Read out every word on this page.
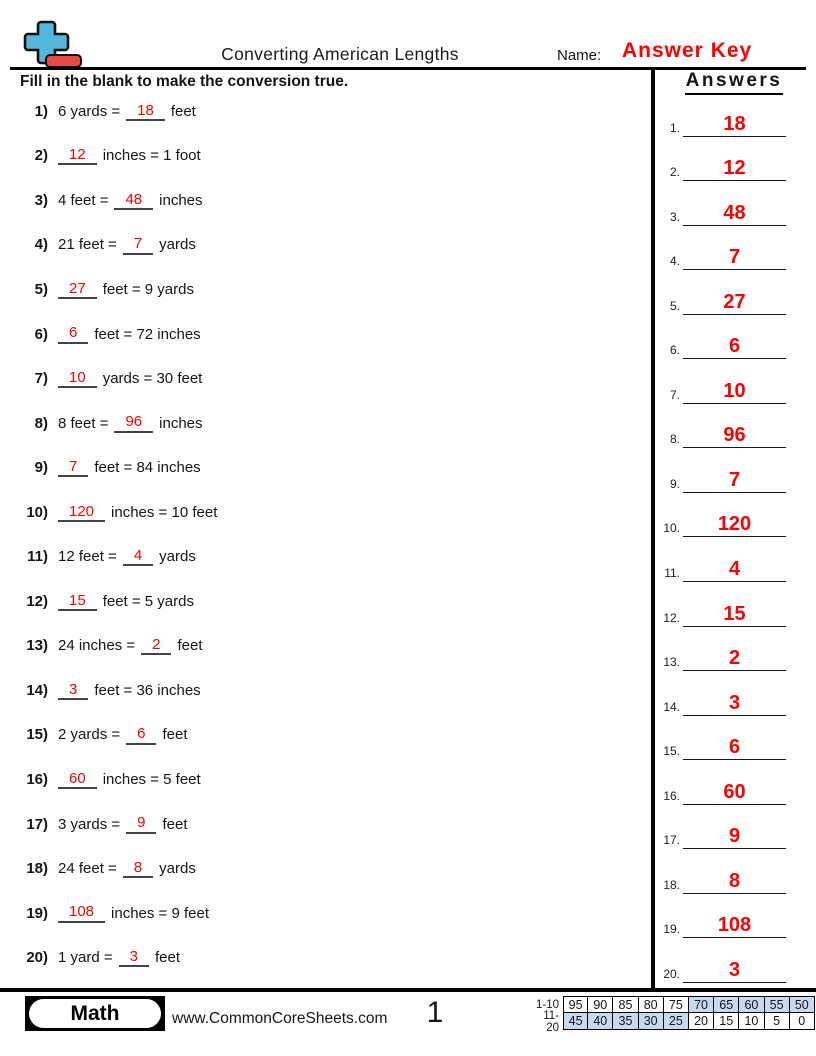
Converting American Lengths	Name: Answer Key
Fill in the blank to make the conversion true.
1) 6 yards =	18	feet
2)	12	inches = 1 foot
3) 4 feet =	48	inches
4) 21 feet =	7	yards
5)	27	feet = 9 yards
6)	6	feet = 72 inches
7)	10	yards = 30 feet
8) 8 feet =	96	inches
9)	7	feet = 84 inches
10)	120	inches = 10 feet
11) 12 feet =	4	yards
12)	15	feet = 5 yards
13) 24 inches =	2	feet
14)	3	feet = 36 inches
15) 2 yards =	6	feet
16)	60	inches = 5 feet
17) 3 yards =	9	feet
18) 24 feet =	8	yards
19)	108	inches = 9 feet
20) 1 yard =	3	feet
Answers
1.	18
2.	12
3.	48
4.	7
5.	27
6.	6
7.	10
8.	96
9.	7
10.	120
11.	4
12.	15
13.	2
14.	3
15.	6
16.	60
17.	9
18.	8
19.	108
20.	3
Math	www.CommonCoreSheets.com	1	1-10 95 90 85 80 75 70 65 60 55 50
11-20 45 40 35 30 25 20 15 10	5	0
